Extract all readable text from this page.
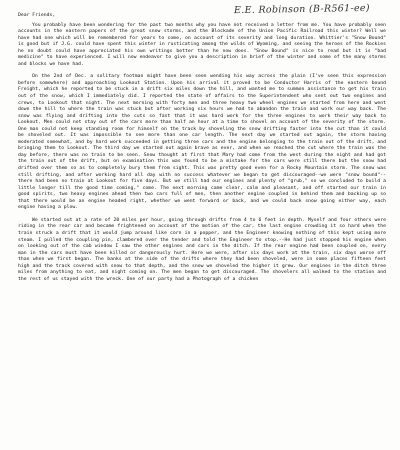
E.E. Robinson (B-R561-ee)

Dear Friends,

You probably have been wondering for the past two months why you have not received a letter from me. You have probably seen accounts in the eastern papers of the great snow storms, and the Blockade of the Union Pacific Railroad this winter? Well we have had one which will be remembered for years to come, on account of its severity and long duration. Whittier's "Snow Bound" is good but if J.G. could have spent this winter in rusticating among the wilds of Wyoming, and seeing the heroes of the Rockies he no doubt could have appreciated his own writings better than he now does. "Snow Bound" is nice to read but it is "bad medicine" to have experienced. I will now endeavor to give you a description in brief of the winter and some of the many storms and blocks we have had.

On the 2nd of Dec. a solitary footman might have been seen wending his way across the plain (I've seen this expression before somewhere) and approaching Lookout Station. Upon his arrival it proved to be Conductor Harris of the eastern bound Freight, which he reported to be stuck in a drift six miles down the hill, and wanted me to summon assistance to get his train out of the snow, which I immediately did. I reported the state of affairs to the Superintendent who sent out two engines and crews, to Lookout that night. The next morning with forty men and three heavy two wheel engines we started from here and went down the hill to where the train was stuck but after working six hours we had to abandon the train and work our way back. The snow was flying and drifting into the cuts so fast that it was hard work for the three engines to work their way back to Lookout. Men could not stay out of the cars more than half an hour at a time to shovel on account of the severity of the storm. One man could not keep standing room for himself on the track by shoveling the snow drifting faster into the cut than it could be shoveled out. It was impossible to see more than one car length. The next day we started out again, the storm having moderated somewhat, and by hard work succeeded in getting three cars and the engine belonging to the train out of the drift, and bringing them to Lookout. The third day we started out again brave as ever, and when we reached the cut where the train was the day before, there was no train to be seen. Snow thought at first that Mary had come from the west during the night and had got the train out of the drift, but on examination this was found to be a mistake for the cars were still there but the snow had drifted over them so as to completely bury them from sight. This was pretty good even for a Rocky Mountain storm. The snow was still drifting, and after working hard all day with no success whatever we began to get discouraged--we were "snow bound"-- there had been no train at Lookout for five days. But we still had our engines and plenty of "grub," so we concluded to build a little longer till the good time coming," come. The next morning came clear, calm and pleasant, and off started our train in good spirits, two heavy engines ahead then two cars full of men, then another engine coupled in behind them and backing up so that there would be an engine headed right, whether we went forward or back, and we could back snow going either way, each engine having a plow.

We started out at a rate of 20 miles per hour, going through drifts from 4 to 6 feet in depth. Myself and four others were riding in the rear car and became frightened on account of the motion of the car, the last engine crowding it so hard when the train struck a drift that it would jump around like corn in a popper, and the Engineer knowing nothing of this kept using more steam. I pulled the coupling pin, clambered over the tender and told the Engineer to stop.--He had just stopped his engine when on looking out of the cab window I saw the other engines and cars in the ditch. If the rear engine had been coupled on, every man in the cars must have been killed or dangerously hurt. Here we were, after six days work at the train, six days worse off than when we first began. The banks at the side of the drifts where they had been shoveled, were in some places fifteen feet high and the track covered with snow to that depth, and the snow we shoveled the higher it grew. Our engines in the ditch three miles from anything to eat, and night coming on. The men began to get discouraged. The shovelers all walked to the station and the rest of us stayed with the wreck. One of our party had a Photograph of a chicken
